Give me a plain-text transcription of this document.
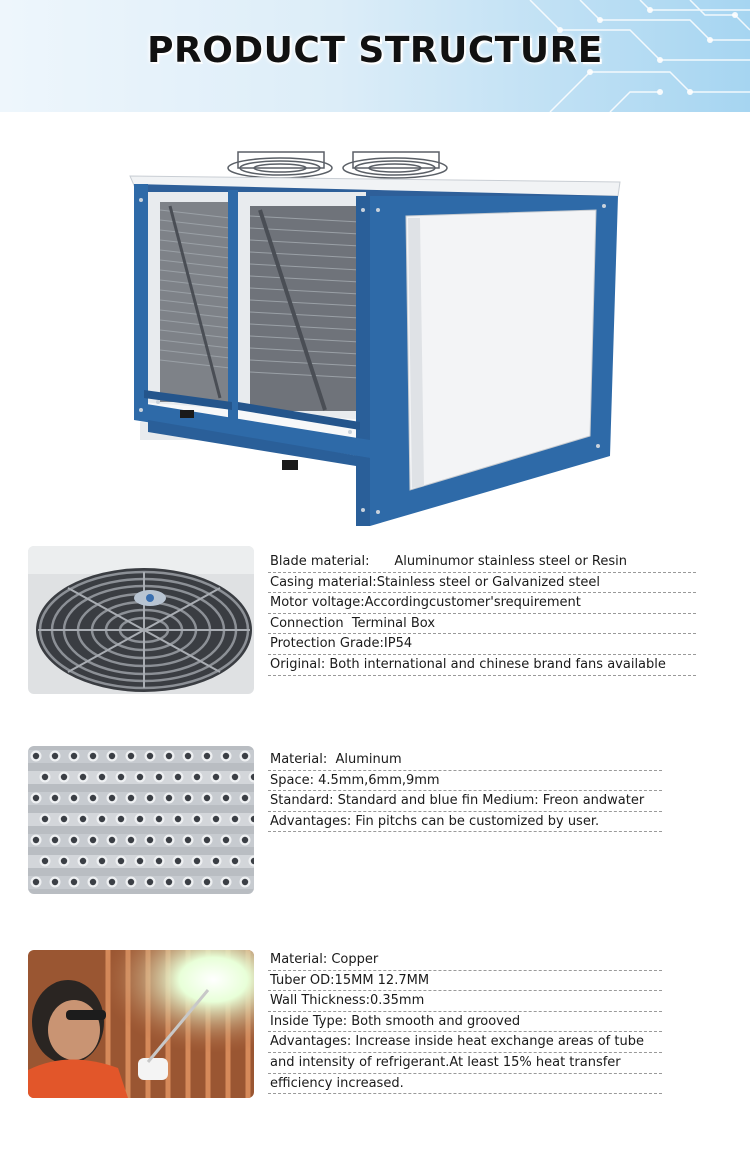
PRODUCT STRUCTURE
Blade material:      Aluminumor stainless steel or Resin
Casing material:Stainless steel or Galvanized steel
Motor voltage:Accordingcustomer'srequirement
Connection  Terminal Box
Protection Grade:IP54
Original: Both international and chinese brand fans available
Material:  Aluminum
Space: 4.5mm,6mm,9mm
Standard: Standard and blue fin Medium: Freon andwater
Advantages: Fin pitchs can be customized by user.
Material: Copper
Tuber OD:15MM 12.7MM
Wall Thickness:0.35mm
Inside Type: Both smooth and grooved
Advantages: Increase inside heat exchange areas of tube
and intensity of refrigerant.At least 15% heat transfer
efficiency increased.
